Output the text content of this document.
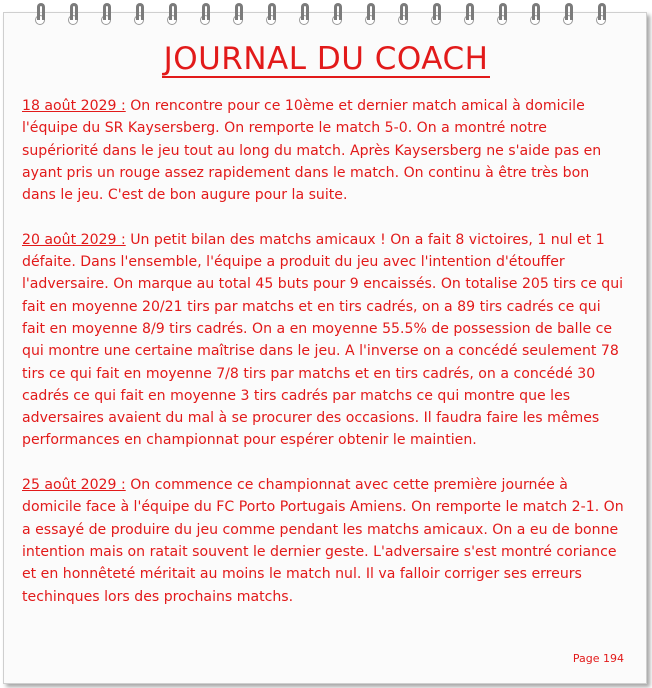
JOURNAL DU COACH

18 août 2029 : On rencontre pour ce 10ème et dernier match amical à domicile l'équipe du SR Kaysersberg. On remporte le match 5-0. On a montré notre supériorité dans le jeu tout au long du match. Après Kaysersberg ne s'aide pas en ayant pris un rouge assez rapidement dans le match. On continu à être très bon dans le jeu. C'est de bon augure pour la suite.

20 août 2029 : Un petit bilan des matchs amicaux ! On a fait 8 victoires, 1 nul et 1 défaite. Dans l'ensemble, l'équipe a produit du jeu avec l'intention d'étouffer l'adversaire. On marque au total 45 buts pour 9 encaissés. On totalise 205 tirs ce qui fait en moyenne 20/21 tirs par matchs et en tirs cadrés, on a 89 tirs cadrés ce qui fait en moyenne 8/9 tirs cadrés. On a en moyenne 55.5% de possession de balle ce qui montre une certaine maîtrise dans le jeu. A l'inverse on a concédé seulement 78 tirs ce qui fait en moyenne 7/8 tirs par matchs et en tirs cadrés, on a concédé 30 cadrés ce qui fait en moyenne 3 tirs cadrés par matchs ce qui montre que les adversaires avaient du mal à se procurer des occasions. Il faudra faire les mêmes performances en championnat pour espérer obtenir le maintien.

25 août 2029 : On commence ce championnat avec cette première journée à domicile face à l'équipe du FC Porto Portugais Amiens. On remporte le match 2-1. On a essayé de produire du jeu comme pendant les matchs amicaux. On a eu de bonne intention mais on ratait souvent le dernier geste. L'adversaire s'est montré coriance et en honnêteté méritait au moins le match nul. Il va falloir corriger ses erreurs techinques lors des prochains matchs.

Page 194
